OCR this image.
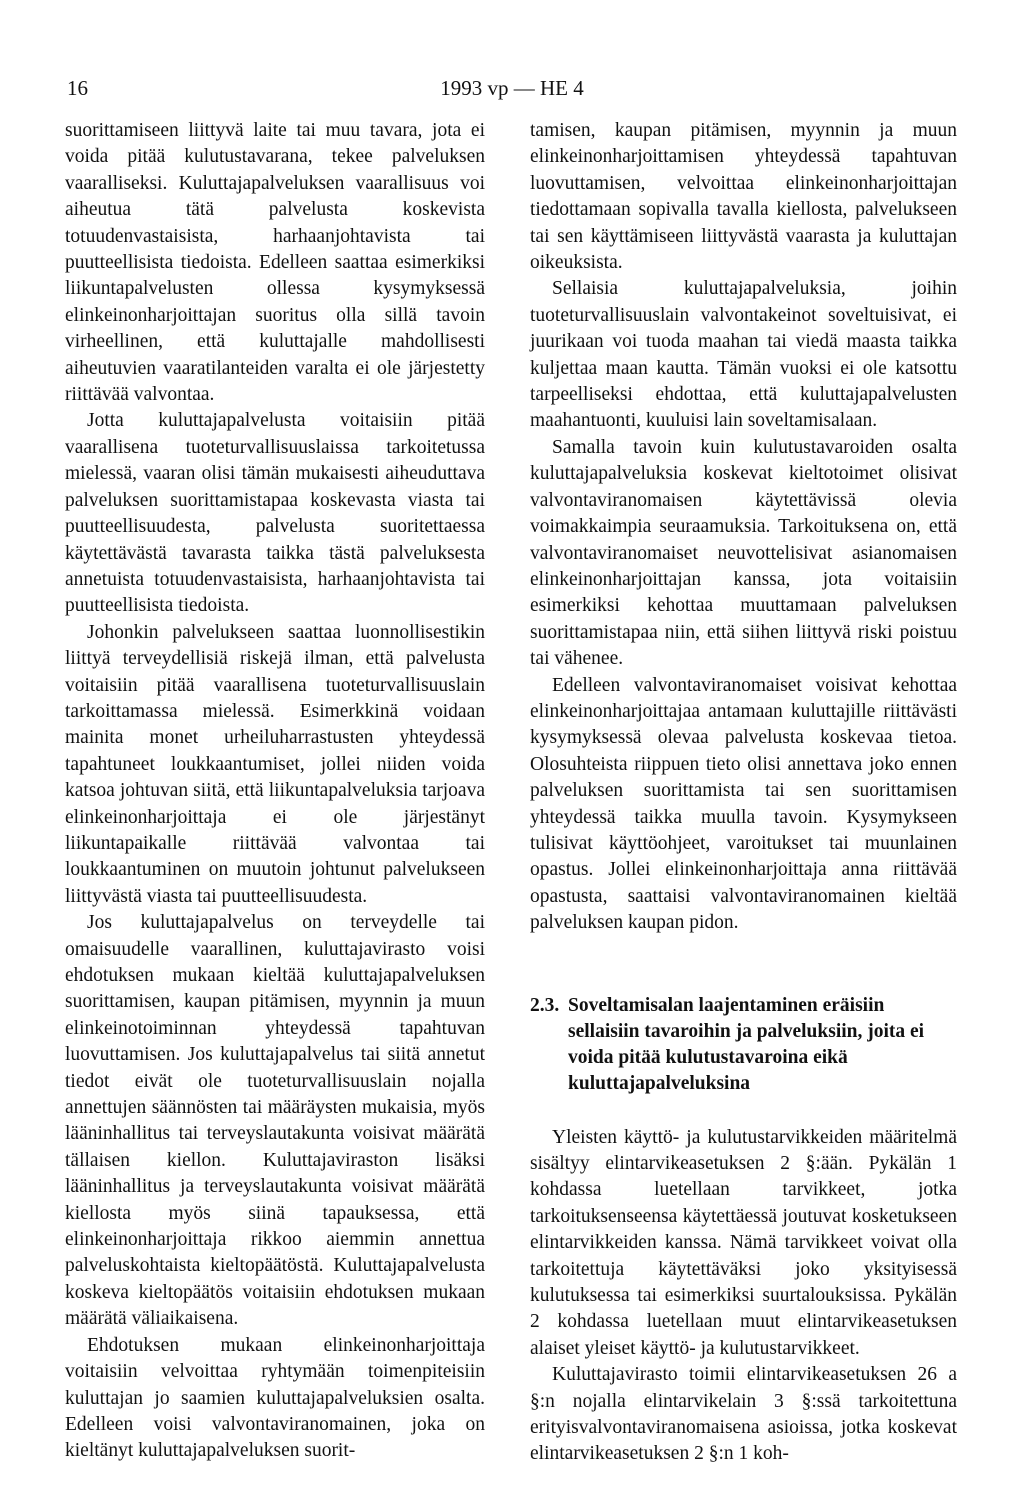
16	1993 vp — HE 4

suorittamiseen liittyvä laite tai muu tavara, jota ei voida pitää kulutustavarana, tekee palveluksen vaaralliseksi. Kuluttajapalveluksen vaarallisuus voi aiheutua tätä palvelusta koskevista totuudenvastaisista, harhaanjohtavista tai puutteellisista tiedoista. Edelleen saattaa esimerkiksi liikuntapalvelusten ollessa kysymyksessä elinkeinonharjoittajan suoritus olla sillä tavoin virheellinen, että kuluttajalle mahdollisesti aiheutuvien vaaratilanteiden varalta ei ole järjestetty riittävää valvontaa.

Jotta kuluttajapalvelusta voitaisiin pitää vaarallisena tuoteturvallisuuslaissa tarkoitetussa mielessä, vaaran olisi tämän mukaisesti aiheuduttava palveluksen suorittamistapaa koskevasta viasta tai puutteellisuudesta, palvelusta suoritettaessa käytettävästä tavarasta taikka tästä palveluksesta annetuista totuudenvastaisista, harhaanjohtavista tai puutteellisista tiedoista.

Johonkin palvelukseen saattaa luonnollisestikin liittyä terveydellisiä riskejä ilman, että palvelusta voitaisiin pitää vaarallisena tuoteturvallisuuslain tarkoittamassa mielessä. Esimerkkinä voidaan mainita monet urheiluharrastusten yhteydessä tapahtuneet loukkaantumiset, jollei niiden voida katsoa johtuvan siitä, että liikuntapalveluksia tarjoava elinkeinonharjoittaja ei ole järjestänyt liikuntapaikalle riittävää valvontaa tai loukkaantuminen on muutoin johtunut palvelukseen liittyvästä viasta tai puutteellisuudesta.

Jos kuluttajapalvelus on terveydelle tai omaisuudelle vaarallinen, kuluttajavirasto voisi ehdotuksen mukaan kieltää kuluttajapalveluksen suorittamisen, kaupan pitämisen, myynnin ja muun elinkeinotoiminnan yhteydessä tapahtuvan luovuttamisen. Jos kuluttajapalvelus tai siitä annetut tiedot eivät ole tuoteturvallisuuslain nojalla annettujen säännösten tai määräysten mukaisia, myös lääninhallitus tai terveyslautakunta voisivat määrätä tällaisen kiellon. Kuluttajaviraston lisäksi lääninhallitus ja terveyslautakunta voisivat määrätä kiellosta myös siinä tapauksessa, että elinkeinonharjoittaja rikkoo aiemmin annettua palveluskohtaista kieltopäätöstä. Kuluttajapalvelusta koskeva kieltopäätös voitaisiin ehdotuksen mukaan määrätä väliaikaisena.

Ehdotuksen mukaan elinkeinonharjoittaja voitaisiin velvoittaa ryhtymään toimenpiteisiin kuluttajan jo saamien kuluttajapalveluksien osalta. Edelleen voisi valvontaviranomainen, joka on kieltänyt kuluttajapalveluksen suorit-

tamisen, kaupan pitämisen, myynnin ja muun elinkeinonharjoittamisen yhteydessä tapahtuvan luovuttamisen, velvoittaa elinkeinonharjoittajan tiedottamaan sopivalla tavalla kiellosta, palvelukseen tai sen käyttämiseen liittyvästä vaarasta ja kuluttajan oikeuksista.

Sellaisia kuluttajapalveluksia, joihin tuoteturvallisuuslain valvontakeinot soveltuisivat, ei juurikaan voi tuoda maahan tai viedä maasta taikka kuljettaa maan kautta. Tämän vuoksi ei ole katsottu tarpeelliseksi ehdottaa, että kuluttajapalvelusten maahantuonti, kuuluisi lain soveltamisalaan.

Samalla tavoin kuin kulutustavaroiden osalta kuluttajapalveluksia koskevat kieltotoimet olisivat valvontaviranomaisen käytettävissä olevia voimakkaimpia seuraamuksia. Tarkoituksena on, että valvontaviranomaiset neuvottelisivat asianomaisen elinkeinonharjoittajan kanssa, jota voitaisiin esimerkiksi kehottaa muuttamaan palveluksen suorittamistapaa niin, että siihen liittyvä riski poistuu tai vähenee.

Edelleen valvontaviranomaiset voisivat kehottaa elinkeinonharjoittajaa antamaan kuluttajille riittävästi kysymyksessä olevaa palvelusta koskevaa tietoa. Olosuhteista riippuen tieto olisi annettava joko ennen palveluksen suorittamista tai sen suorittamisen yhteydessä taikka muulla tavoin. Kysymykseen tulisivat käyttöohjeet, varoitukset tai muunlainen opastus. Jollei elinkeinonharjoittaja anna riittävää opastusta, saattaisi valvontaviranomainen kieltää palveluksen kaupan pidon.

2.3. Soveltamisalan laajentaminen eräisiin sellaisiin tavaroihin ja palveluksiin, joita ei voida pitää kulutustavaroina eikä kuluttajapalveluksina

Yleisten käyttö- ja kulutustarvikkeiden määritelmä sisältyy elintarvikeasetuksen 2 §:ään. Pykälän 1 kohdassa luetellaan tarvikkeet, jotka tarkoituksenseensa käytettäessä joutuvat kosketukseen elintarvikkeiden kanssa. Nämä tarvikkeet voivat olla tarkoitettuja käytettäväksi joko yksityisessä kulutuksessa tai esimerkiksi suurtalouksissa. Pykälän 2 kohdassa luetellaan muut elintarvikeasetuksen alaiset yleiset käyttö- ja kulutustarvikkeet.

Kuluttajavirasto toimii elintarvikeasetuksen 26 a §:n nojalla elintarvikelain 3 §:ssä tarkoitettuna erityisvalvontaviranomaisena asioissa, jotka koskevat elintarvikeasetuksen 2 §:n 1 koh-
